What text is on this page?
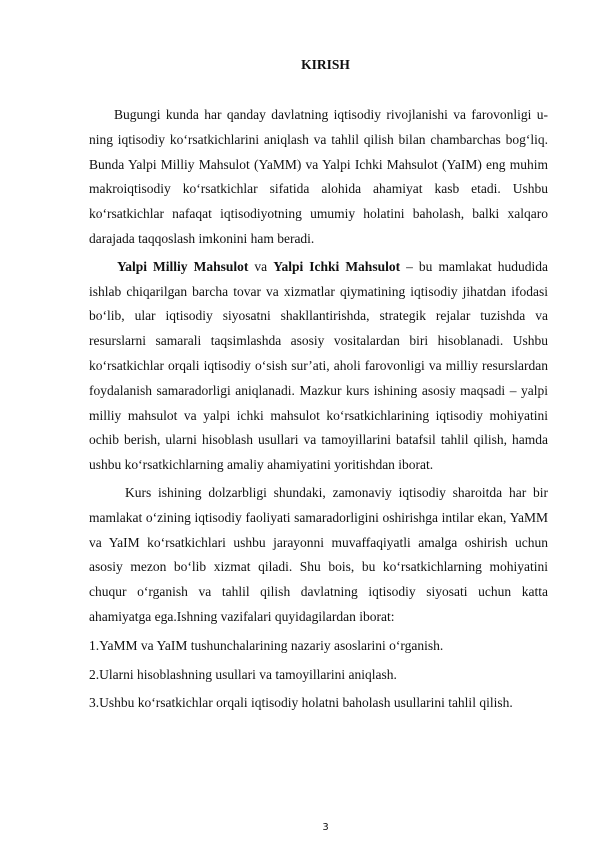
KIRISH

Bugungi kunda har qanday davlatning iqtisodiy rivojlanishi va farovonligi u-ning iqtisodiy ko‘rsatkichlarini aniqlash va tahlil qilish bilan chambarchas bog‘liq. Bunda Yalpi Milliy Mahsulot (YaMM) va Yalpi Ichki Mahsulot (YaIM) eng muhim makroiqtisodiy ko‘rsatkichlar sifatida alohida ahamiyat kasb etadi. Ushbu ko‘rsatkichlar nafaqat iqtisodiyotning umumiy holatini baholash, balki xalqaro darajada taqqoslash imkonini ham beradi.

Yalpi Milliy Mahsulot va Yalpi Ichki Mahsulot – bu mamlakat hududida ishlab chiqarilgan barcha tovar va xizmatlar qiymatining iqtisodiy jihatdan ifodasi bo‘lib, ular iqtisodiy siyosatni shakllantirishda, strategik rejalar tuzishda va resurslarni samarali taqsimlashda asosiy vositalardan biri hisoblanadi. Ushbu ko‘rsatkichlar orqali iqtisodiy o‘sish sur’ati, aholi farovonligi va milliy resurslardan foydalanish samaradorligi aniqlanadi. Mazkur kurs ishining asosiy maqsadi – yalpi milliy mahsulot va yalpi ichki mahsulot ko‘rsatkichlarining iqtisodiy mohiyatini ochib berish, ularni hisoblash usullari va tamoyillarini batafsil tahlil qilish, hamda ushbu ko‘rsatkichlarning amaliy ahamiyatini yoritishdan iborat.

Kurs ishining dolzarbligi shundaki, zamonaviy iqtisodiy sharoitda har bir mamlakat o‘zining iqtisodiy faoliyati samaradorligini oshirishga intilar ekan, YaMM va YaIM ko‘rsatkichlari ushbu jarayonni muvaffaqiyatli amalga oshirish uchun asosiy mezon bo‘lib xizmat qiladi. Shu bois, bu ko‘rsatkichlarning mohiyatini chuqur o‘rganish va tahlil qilish davlatning iqtisodiy siyosati uchun katta ahamiyatga ega.Ishning vazifalari quyidagilardan iborat:

1.YaMM va YaIM tushunchalarining nazariy asoslarini o‘rganish.

2.Ularni hisoblashning usullari va tamoyillarini aniqlash.

3.Ushbu ko‘rsatkichlar orqali iqtisodiy holatni baholash usullarini tahlil qilish.

3
